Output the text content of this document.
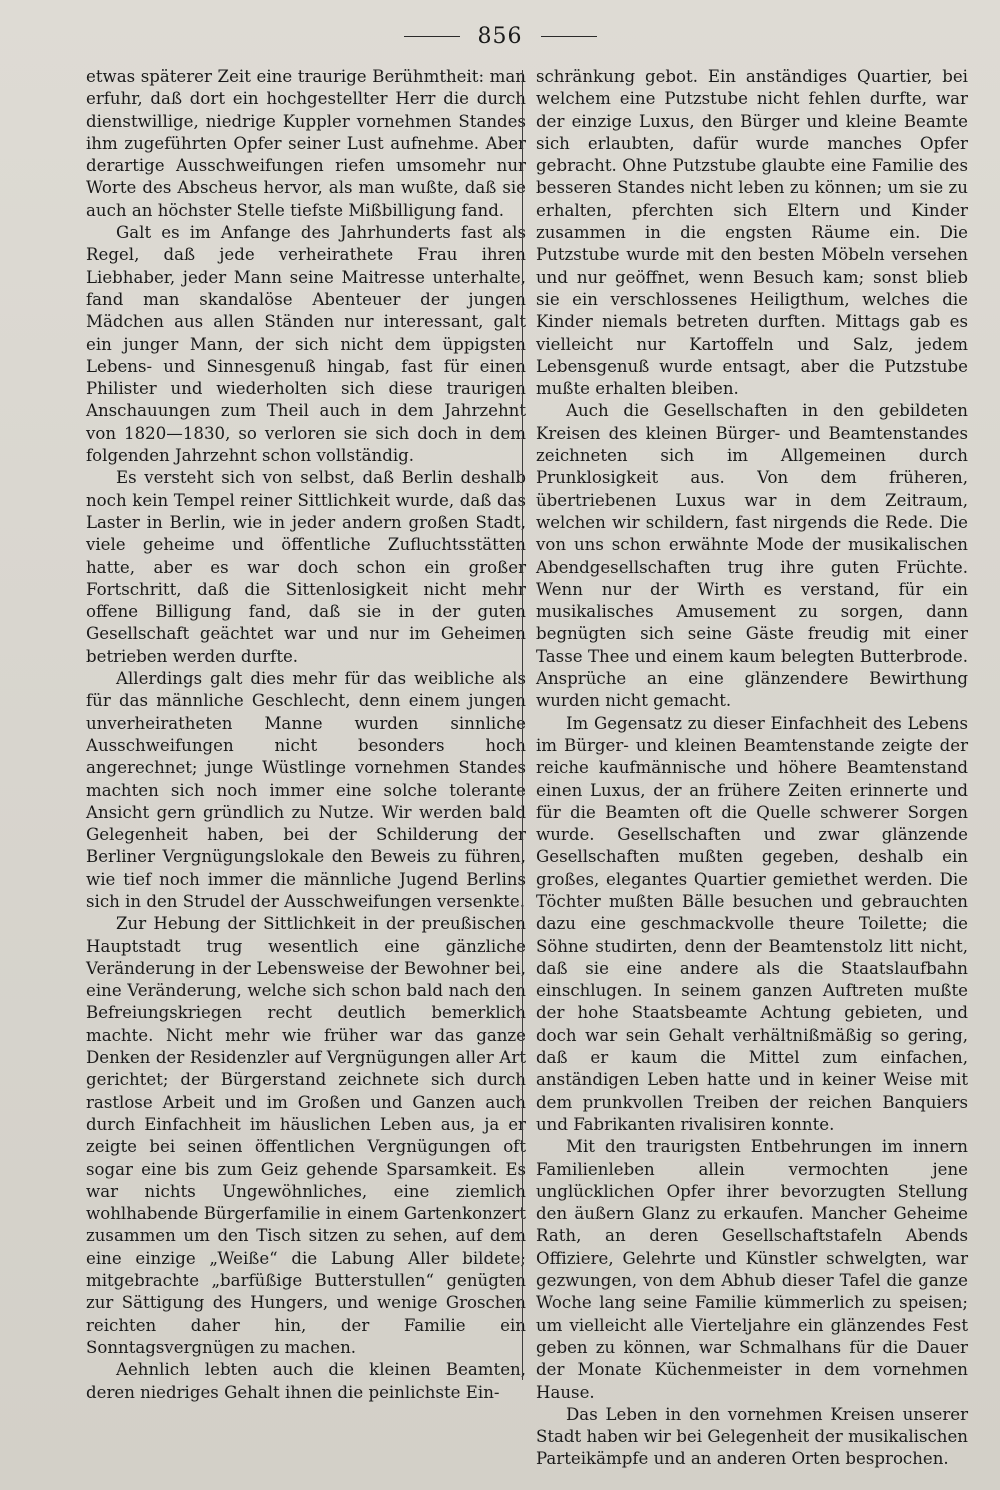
856

etwas späterer Zeit eine traurige Berühmtheit: man erfuhr, daß dort ein hochgestellter Herr die durch dienstwillige, niedrige Kuppler vornehmen Standes ihm zugeführten Opfer seiner Lust aufnehme. Aber derartige Ausschweifungen riefen umsomehr nur Worte des Abscheus hervor, als man wußte, daß sie auch an höchster Stelle tiefste Mißbilligung fand.

Galt es im Anfange des Jahrhunderts fast als Regel, daß jede verheirathete Frau ihren Liebhaber, jeder Mann seine Maitresse unterhalte, fand man skandalöse Abenteuer der jungen Mädchen aus allen Ständen nur interessant, galt ein junger Mann, der sich nicht dem üppigsten Lebens- und Sinnesgenuß hingab, fast für einen Philister und wiederholten sich diese traurigen Anschauungen zum Theil auch in dem Jahrzehnt von 1820—1830, so verloren sie sich doch in dem folgenden Jahrzehnt schon vollständig.

Es versteht sich von selbst, daß Berlin deshalb noch kein Tempel reiner Sittlichkeit wurde, daß das Laster in Berlin, wie in jeder andern großen Stadt, viele geheime und öffentliche Zufluchtsstätten hatte, aber es war doch schon ein großer Fortschritt, daß die Sittenlosigkeit nicht mehr offene Billigung fand, daß sie in der guten Gesellschaft geächtet war und nur im Geheimen betrieben werden durfte.

Allerdings galt dies mehr für das weibliche als für das männliche Geschlecht, denn einem jungen unverheiratheten Manne wurden sinnliche Ausschweifungen nicht besonders hoch angerechnet; junge Wüstlinge vornehmen Standes machten sich noch immer eine solche tolerante Ansicht gern gründlich zu Nutze. Wir werden bald Gelegenheit haben, bei der Schilderung der Berliner Vergnügungslokale den Beweis zu führen, wie tief noch immer die männliche Jugend Berlins sich in den Strudel der Ausschweifungen versenkte.

Zur Hebung der Sittlichkeit in der preußischen Hauptstadt trug wesentlich eine gänzliche Veränderung in der Lebensweise der Bewohner bei, eine Veränderung, welche sich schon bald nach den Befreiungskriegen recht deutlich bemerklich machte. Nicht mehr wie früher war das ganze Denken der Residenzler auf Vergnügungen aller Art gerichtet; der Bürgerstand zeichnete sich durch rastlose Arbeit und im Großen und Ganzen auch durch Einfachheit im häuslichen Leben aus, ja er zeigte bei seinen öffentlichen Vergnügungen oft sogar eine bis zum Geiz gehende Sparsamkeit. Es war nichts Ungewöhnliches, eine ziemlich wohlhabende Bürgerfamilie in einem Gartenkonzert zusammen um den Tisch sitzen zu sehen, auf dem eine einzige „Weiße“ die Labung Aller bildete; mitgebrachte „barfüßige Butterstullen“ genügten zur Sättigung des Hungers, und wenige Groschen reichten daher hin, der Familie ein Sonntagsvergnügen zu machen.

Aehnlich lebten auch die kleinen Beamten, deren niedriges Gehalt ihnen die peinlichste Ein-

schränkung gebot. Ein anständiges Quartier, bei welchem eine Putzstube nicht fehlen durfte, war der einzige Luxus, den Bürger und kleine Beamte sich erlaubten, dafür wurde manches Opfer gebracht. Ohne Putzstube glaubte eine Familie des besseren Standes nicht leben zu können; um sie zu erhalten, pferchten sich Eltern und Kinder zusammen in die engsten Räume ein. Die Putzstube wurde mit den besten Möbeln versehen und nur geöffnet, wenn Besuch kam; sonst blieb sie ein verschlossenes Heiligthum, welches die Kinder niemals betreten durften. Mittags gab es vielleicht nur Kartoffeln und Salz, jedem Lebensgenuß wurde entsagt, aber die Putzstube mußte erhalten bleiben.

Auch die Gesellschaften in den gebildeten Kreisen des kleinen Bürger- und Beamtenstandes zeichneten sich im Allgemeinen durch Prunklosigkeit aus. Von dem früheren, übertriebenen Luxus war in dem Zeitraum, welchen wir schildern, fast nirgends die Rede. Die von uns schon erwähnte Mode der musikalischen Abendgesellschaften trug ihre guten Früchte. Wenn nur der Wirth es verstand, für ein musikalisches Amusement zu sorgen, dann begnügten sich seine Gäste freudig mit einer Tasse Thee und einem kaum belegten Butterbrode. Ansprüche an eine glänzendere Bewirthung wurden nicht gemacht.

Im Gegensatz zu dieser Einfachheit des Lebens im Bürger- und kleinen Beamtenstande zeigte der reiche kaufmännische und höhere Beamtenstand einen Luxus, der an frühere Zeiten erinnerte und für die Beamten oft die Quelle schwerer Sorgen wurde. Gesellschaften und zwar glänzende Gesellschaften mußten gegeben, deshalb ein großes, elegantes Quartier gemiethet werden. Die Töchter mußten Bälle besuchen und gebrauchten dazu eine geschmackvolle theure Toilette; die Söhne studirten, denn der Beamtenstolz litt nicht, daß sie eine andere als die Staatslaufbahn einschlugen. In seinem ganzen Auftreten mußte der hohe Staatsbeamte Achtung gebieten, und doch war sein Gehalt verhältnißmäßig so gering, daß er kaum die Mittel zum einfachen, anständigen Leben hatte und in keiner Weise mit dem prunkvollen Treiben der reichen Banquiers und Fabrikanten rivalisiren konnte.

Mit den traurigsten Entbehrungen im innern Familienleben allein vermochten jene unglücklichen Opfer ihrer bevorzugten Stellung den äußern Glanz zu erkaufen. Mancher Geheime Rath, an deren Gesellschaftstafeln Abends Offiziere, Gelehrte und Künstler schwelgten, war gezwungen, von dem Abhub dieser Tafel die ganze Woche lang seine Familie kümmerlich zu speisen; um vielleicht alle Vierteljahre ein glänzendes Fest geben zu können, war Schmalhans für die Dauer der Monate Küchenmeister in dem vornehmen Hause.

Das Leben in den vornehmen Kreisen unserer Stadt haben wir bei Gelegenheit der musikalischen Parteikämpfe und an anderen Orten besprochen.
